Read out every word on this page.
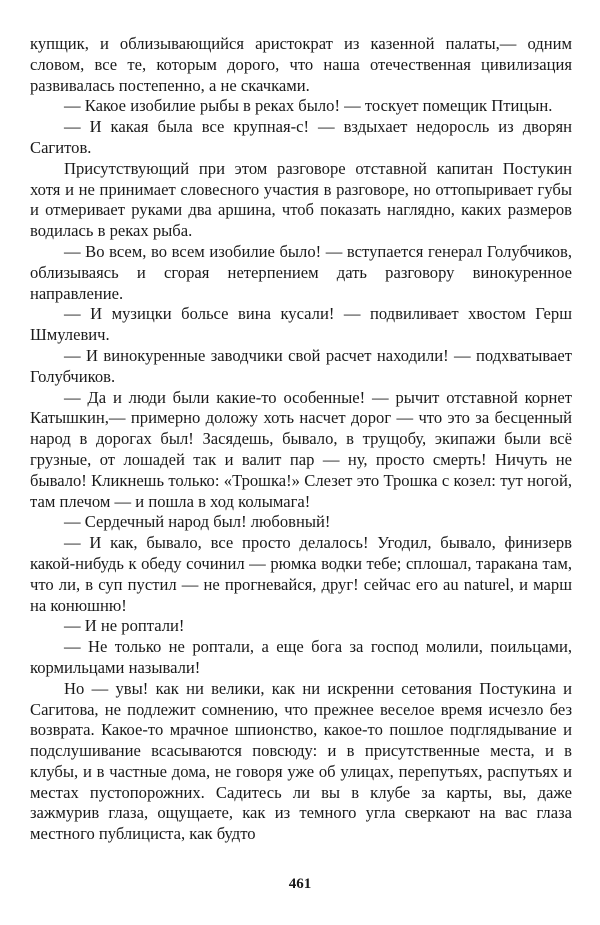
купщик, и облизывающийся аристократ из казенной палаты,— одним словом, все те, которым дорого, что наша отечественная цивилизация развивалась постепенно, а не скачками.

— Какое изобилие рыбы в реках было! — тоскует помещик Птицын.

— И какая была все крупная-с! — вздыхает недоросль из дворян Сагитов.

Присутствующий при этом разговоре отставной капитан Постукин хотя и не принимает словесного участия в разговоре, но оттопыривает губы и отмеривает руками два аршина, чтоб показать наглядно, каких размеров водилась в реках рыба.

— Во всем, во всем изобилие было! — вступается генерал Голубчиков, облизываясь и сгорая нетерпением дать разговору винокуренное направление.

— И музицки больсе вина кусали! — подвиливает хвостом Герш Шмулевич.

— И винокуренные заводчики свой расчет находили! — подхватывает Голубчиков.

— Да и люди были какие-то особенные! — рычит отставной корнет Катышкин,— примерно доложу хоть насчет дорог — что это за бесценный народ в дорогах был! Засядешь, бывало, в трущобу, экипажи были всё грузные, от лошадей так и валит пар — ну, просто смерть! Ничуть не бывало! Кликнешь только: «Трошка!» Слезет это Трошка с козел: тут ногой, там плечом — и пошла в ход колымага!

— Сердечный народ был! любовный!

— И как, бывало, все просто делалось! Угодил, бывало, финизерв какой-нибудь к обеду сочинил — рюмка водки тебе; сплошал, таракана там, что ли, в суп пустил — не прогневайся, друг! сейчас его au naturel, и марш на конюшню!

— И не роптали!

— Не только не роптали, а еще бога за господ молили, поильцами, кормильцами называли!

Но — увы! как ни велики, как ни искренни сетования Постукина и Сагитова, не подлежит сомнению, что прежнее веселое время исчезло без возврата. Какое-то мрачное шпионство, какое-то пошлое подглядывание и подслушивание всасываются повсюду: и в присутственные места, и в клубы, и в частные дома, не говоря уже об улицах, перепутьях, распутьях и местах пустопорожних. Садитесь ли вы в клубе за карты, вы, даже зажмурив глаза, ощущаете, как из темного угла сверкают на вас глаза местного публициста, как будто

461
